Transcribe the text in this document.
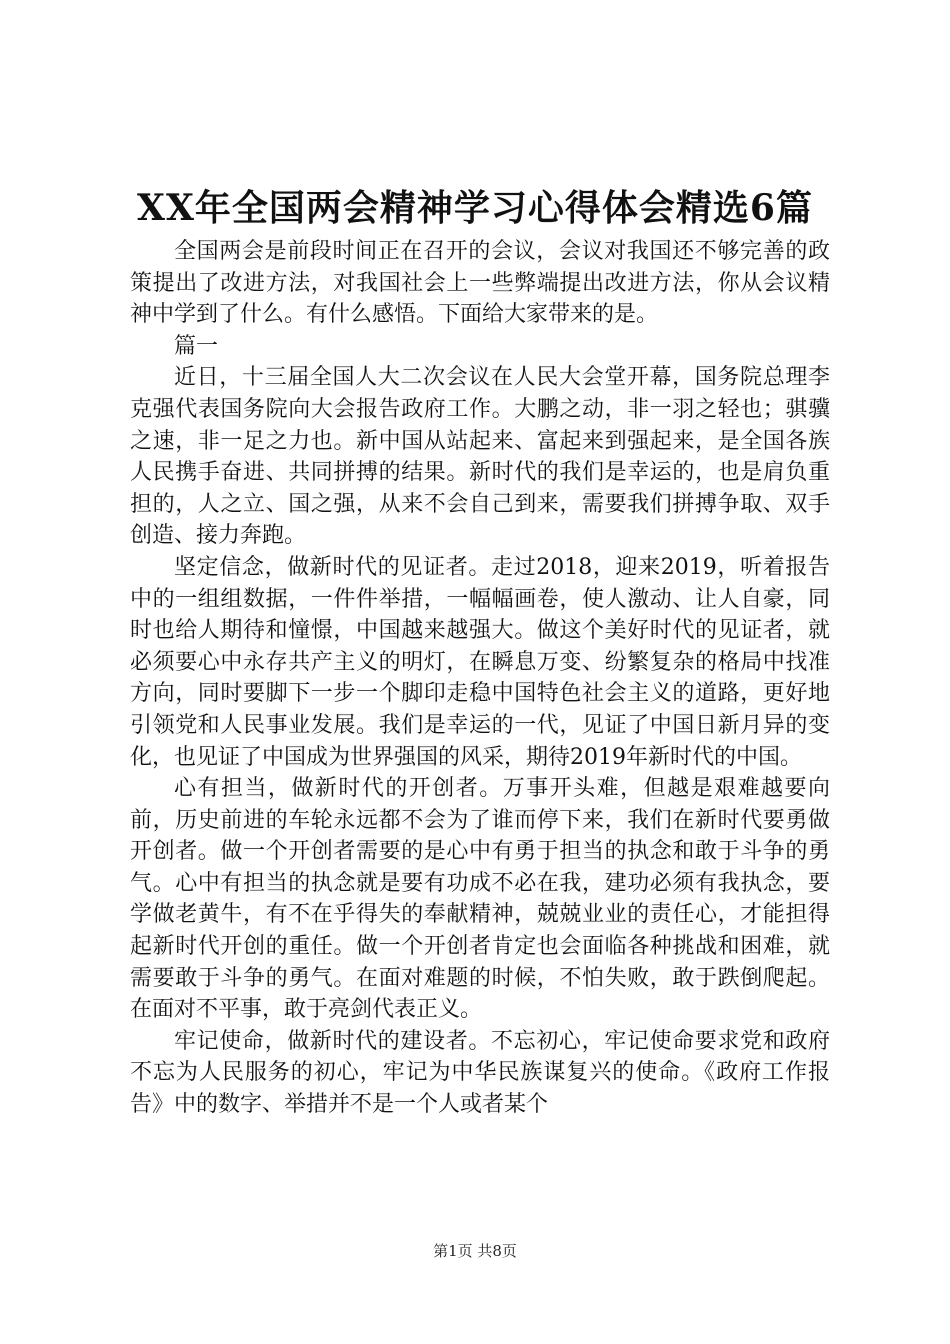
XX年全国两会精神学习心得体会精选6篇

全国两会是前段时间正在召开的会议，会议对我国还不够完善的政策提出了改进方法，对我国社会上一些弊端提出改进方法，你从会议精神中学到了什么。有什么感悟。下面给大家带来的是。

篇一

近日，十三届全国人大二次会议在人民大会堂开幕，国务院总理李克强代表国务院向大会报告政府工作。大鹏之动，非一羽之轻也；骐骥之速，非一足之力也。新中国从站起来、富起来到强起来，是全国各族人民携手奋进、共同拼搏的结果。新时代的我们是幸运的，也是肩负重担的，人之立、国之强，从来不会自己到来，需要我们拼搏争取、双手创造、接力奔跑。

坚定信念，做新时代的见证者。走过2018，迎来2019，听着报告中的一组组数据，一件件举措，一幅幅画卷，使人激动、让人自豪，同时也给人期待和憧憬，中国越来越强大。做这个美好时代的见证者，就必须要心中永存共产主义的明灯，在瞬息万变、纷繁复杂的格局中找准方向，同时要脚下一步一个脚印走稳中国特色社会主义的道路，更好地引领党和人民事业发展。我们是幸运的一代，见证了中国日新月异的变化，也见证了中国成为世界强国的风采，期待2019年新时代的中国。

心有担当，做新时代的开创者。万事开头难，但越是艰难越要向前，历史前进的车轮永远都不会为了谁而停下来，我们在新时代要勇做开创者。做一个开创者需要的是心中有勇于担当的执念和敢于斗争的勇气。心中有担当的执念就是要有功成不必在我，建功必须有我执念，要学做老黄牛，有不在乎得失的奉献精神，兢兢业业的责任心，才能担得起新时代开创的重任。做一个开创者肯定也会面临各种挑战和困难，就需要敢于斗争的勇气。在面对难题的时候，不怕失败，敢于跌倒爬起。在面对不平事，敢于亮剑代表正义。

牢记使命，做新时代的建设者。不忘初心，牢记使命要求党和政府不忘为人民服务的初心，牢记为中华民族谋复兴的使命。《政府工作报告》中的数字、举措并不是一个人或者某个

第1页 共8页
